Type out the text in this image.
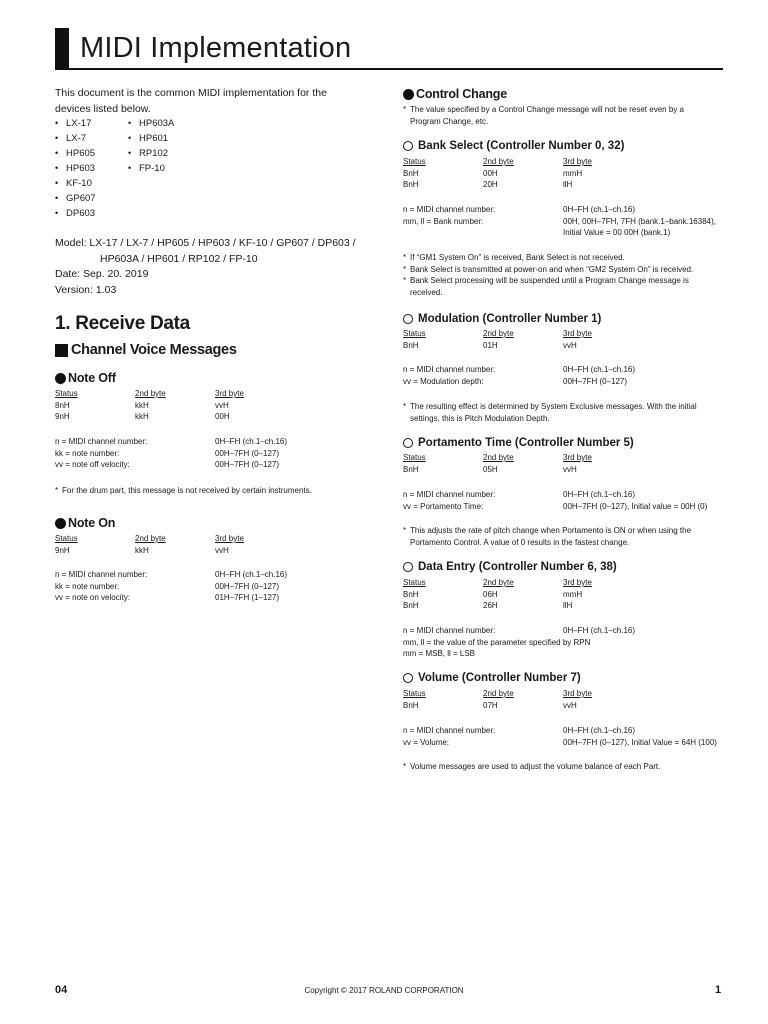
MIDI Implementation
This document is the common MIDI implementation for the devices listed below.
• LX-17
• LX-7
• HP605
• HP603
• KF-10
• GP607
• DP603
• HP603A
• HP601
• RP102
• FP-10
Model: LX-17 / LX-7 / HP605 / HP603 / KF-10 / GP607 / DP603 /
HP603A / HP601 / RP102 / FP-10
Date: Sep. 20. 2019
Version: 1.03
1. Receive Data
Channel Voice Messages
Note Off
Status	2nd byte	3rd byte
8nH	kkH	vvH
9nH	kkH	00H
n = MIDI channel number:	0H–FH (ch.1–ch.16)
kk = note number:	00H–7FH (0–127)
vv = note off velocity:	00H–7FH (0–127)
* For the drum part, this message is not received by certain instruments.
Note On
Status	2nd byte	3rd byte
9nH	kkH	vvH
n = MIDI channel number:	0H–FH (ch.1–ch.16)
kk = note number:	00H–7FH (0–127)
vv = note on velocity:	01H–7FH (1–127)
Control Change
* The value specified by a Control Change message will not be reset even by a
Program Change, etc.
Bank Select (Controller Number 0, 32)
Status	2nd byte	3rd byte
BnH	00H	mmH
BnH	20H	llH
n = MIDI channel number:	0H–FH (ch.1–ch.16)
mm, ll = Bank number:	00H, 00H–7FH, 7FH (bank.1–bank.16384),
Initial Value = 00 00H (bank.1)
* If “GM1 System On” is received, Bank Select is not received.
* Bank Select is transmitted at power-on and when “GM2 System On” is received.
* Bank Select processing will be suspended until a Program Change message is received.
Modulation (Controller Number 1)
Status	2nd byte	3rd byte
BnH	01H	vvH
n = MIDI channel number:	0H–FH (ch.1–ch.16)
vv = Modulation depth:	00H–7FH (0–127)
* The resulting effect is determined by System Exclusive messages. With the initial settings, this is Pitch Modulation Depth.
Portamento Time (Controller Number 5)
Status	2nd byte	3rd byte
BnH	05H	vvH
n = MIDI channel number:	0H–FH (ch.1–ch.16)
vv = Portamento Time:	00H–7FH (0–127), Initial value = 00H (0)
* This adjusts the rate of pitch change when Portamento is ON or when using the Portamento Control. A value of 0 results in the fastest change.
Data Entry (Controller Number 6, 38)
Status	2nd byte	3rd byte
BnH	06H	mmH
BnH	26H	llH
n = MIDI channel number:	0H–FH (ch.1–ch.16)
mm, ll = the value of the parameter specified by RPN
mm = MSB, ll = LSB
Volume (Controller Number 7)
Status	2nd byte	3rd byte
BnH	07H	vvH
n = MIDI channel number:	0H–FH (ch.1–ch.16)
vv = Volume:	00H–7FH (0–127), Initial Value = 64H (100)
* Volume messages are used to adjust the volume balance of each Part.
04	Copyright © 2017 ROLAND CORPORATION	1
